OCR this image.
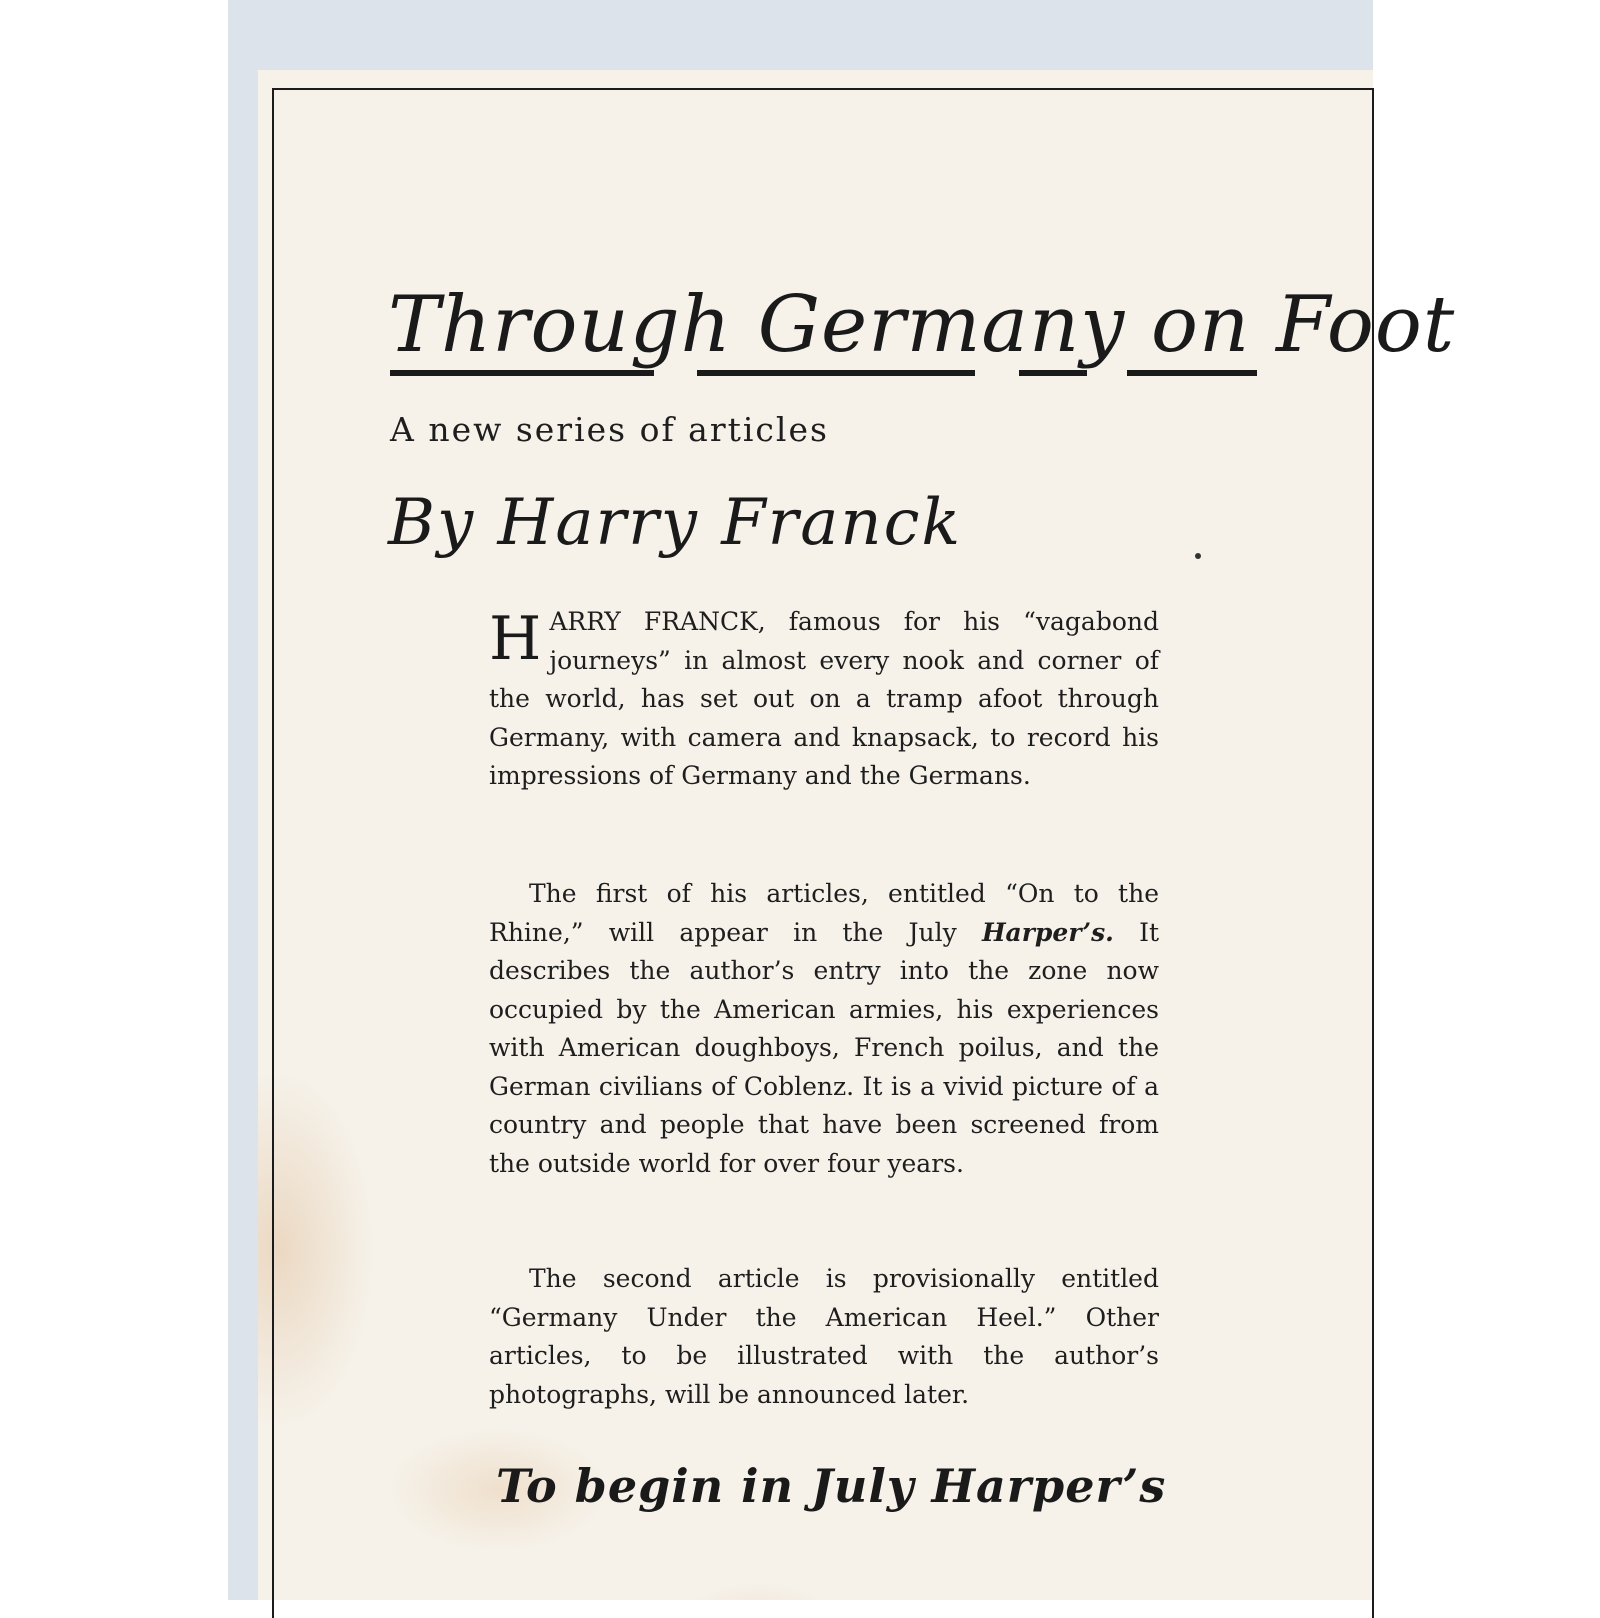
Through Germany on Foot
A new series of articles
By Harry Franck

HARRY FRANCK, famous for his “vagabond journeys” in almost every nook and corner of the world, has set out on a tramp afoot through Germany, with camera and knapsack, to record his impressions of Germany and the Germans.

The first of his articles, entitled “On to the Rhine,” will appear in the July Harper’s. It describes the author’s entry into the zone now occupied by the American armies, his experiences with American doughboys, French poilus, and the German civilians of Coblenz. It is a vivid picture of a country and people that have been screened from the outside world for over four years.

The second article is provisionally entitled “Germany Under the American Heel.” Other articles, to be illustrated with the author’s photographs, will be announced later.

To begin in July Harper’s
